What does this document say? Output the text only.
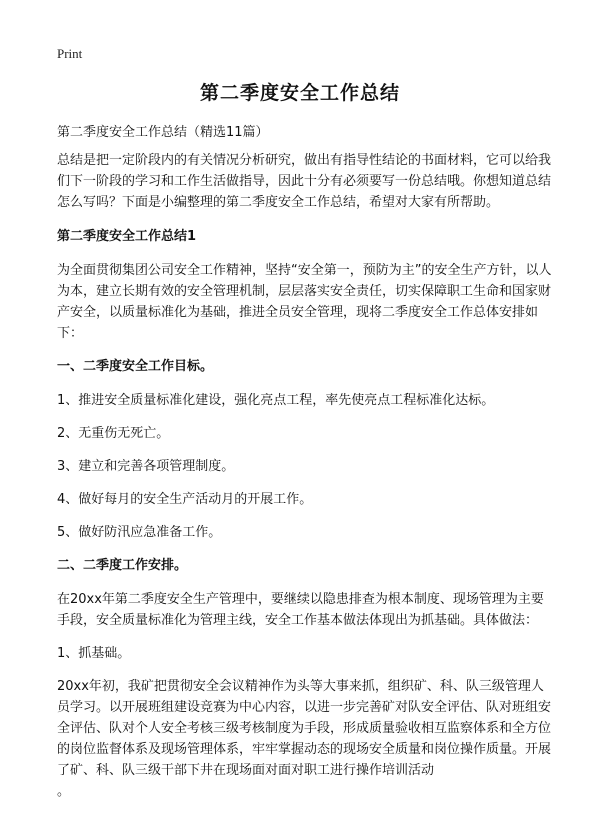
Print
第二季度安全工作总结

第二季度安全工作总结（精选11篇）

总结是把一定阶段内的有关情况分析研究，做出有指导性结论的书面材料，它可以给我们下一阶段的学习和工作生活做指导，因此十分有必须要写一份总结哦。你想知道总结怎么写吗？下面是小编整理的第二季度安全工作总结，希望对大家有所帮助。

第二季度安全工作总结1

为全面贯彻集团公司安全工作精神，坚持“安全第一，预防为主”的安全生产方针，以人为本，建立长期有效的安全管理机制，层层落实安全责任，切实保障职工生命和国家财产安全，以质量标准化为基础，推进全员安全管理，现将二季度安全工作总体安排如下：

一、二季度安全工作目标。

1、推进安全质量标准化建设，强化亮点工程，率先使亮点工程标准化达标。

2、无重伤无死亡。

3、建立和完善各项管理制度。

4、做好每月的安全生产活动月的开展工作。

5、做好防汛应急准备工作。

二、二季度工作安排。

在20xx年第二季度安全生产管理中，要继续以隐患排查为根本制度、现场管理为主要手段，安全质量标准化为管理主线，安全工作基本做法体现出为抓基础。具体做法：

1、抓基础。

20xx年初，我矿把贯彻安全会议精神作为头等大事来抓，组织矿、科、队三级管理人员学习。以开展班组建设竞赛为中心内容，以进一步完善矿对队安全评估、队对班组安全评估、队对个人安全考核三级考核制度为手段，形成质量验收相互监察体系和全方位的岗位监督体系及现场管理体系，牢牢掌握动态的现场安全质量和岗位操作质量。开展了矿、科、队三级干部下井在现场面对面对职工进行操作培训活动

。
